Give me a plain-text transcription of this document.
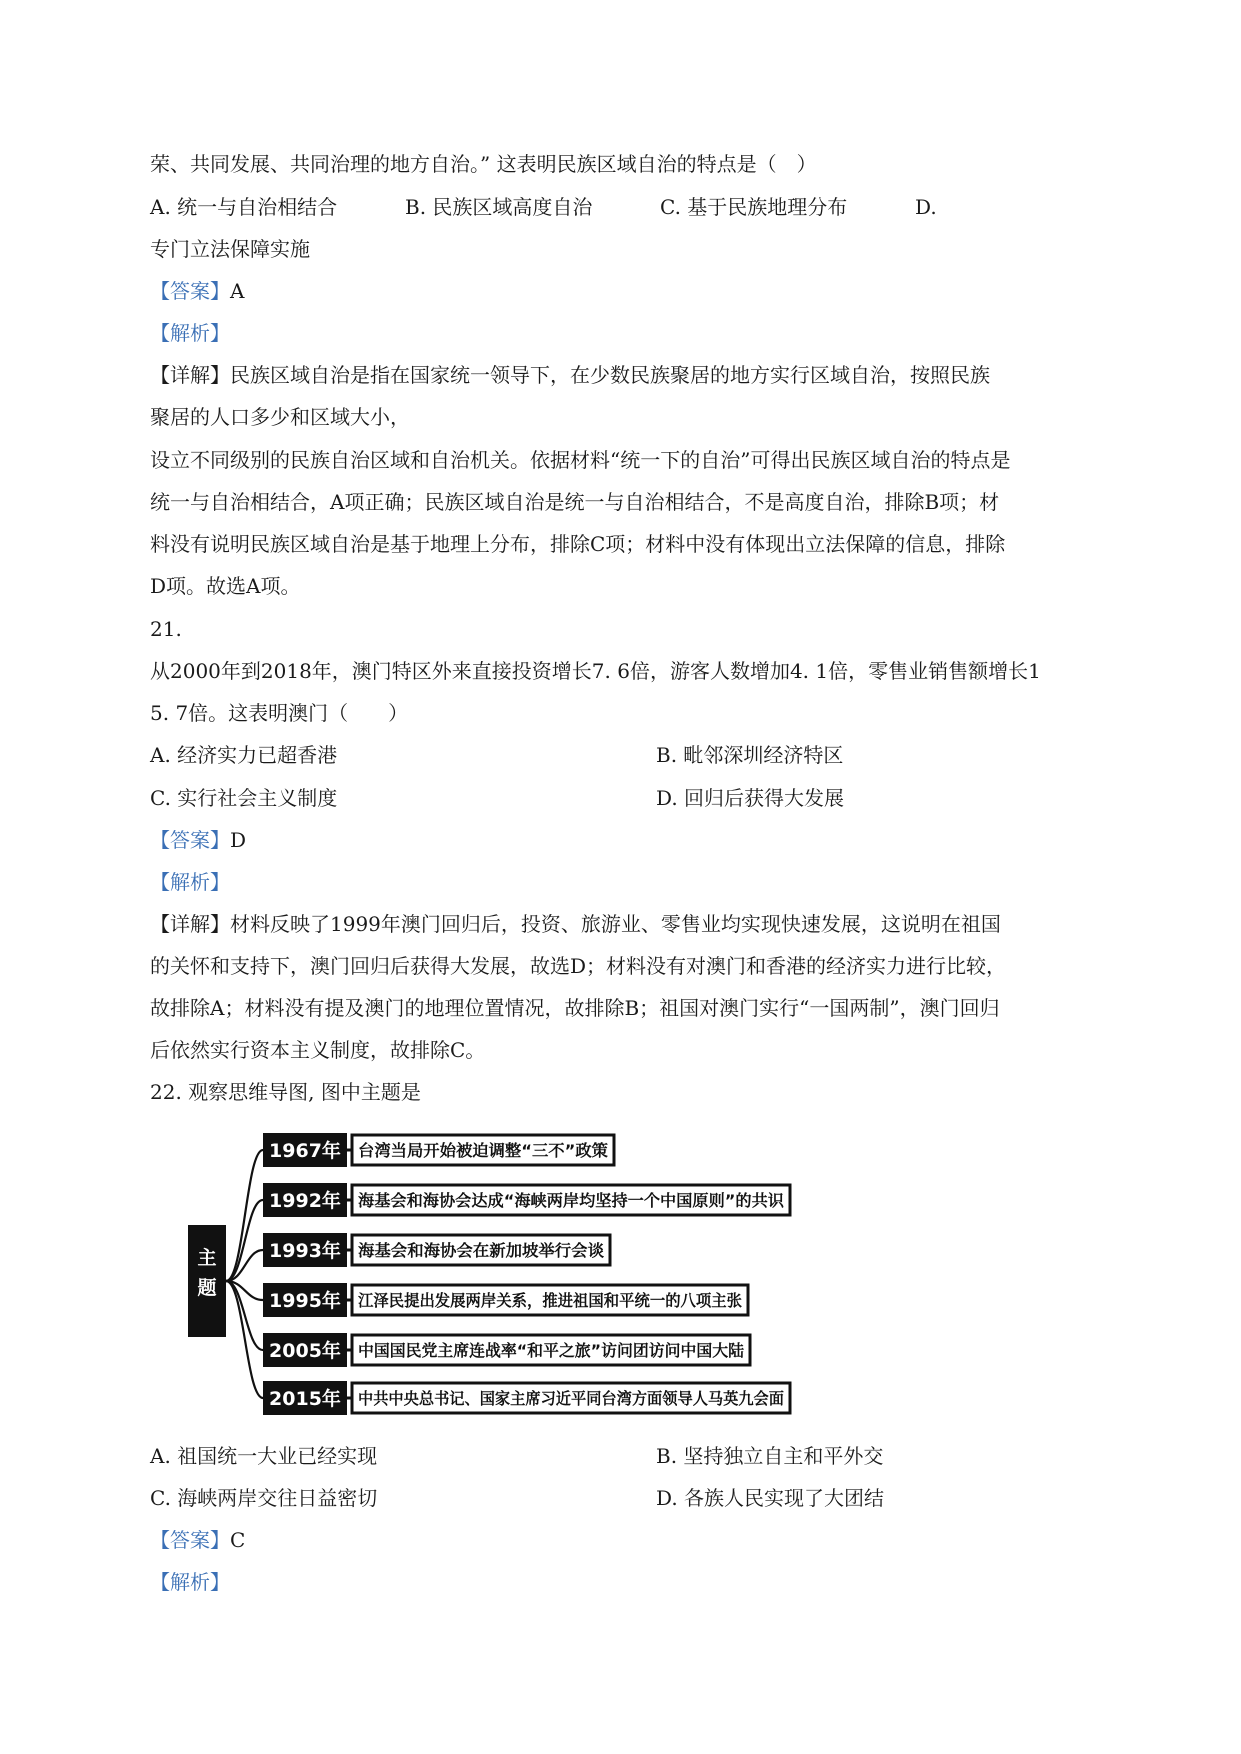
荣、共同发展、共同治理的地方自治。” 这表明民族区域自治的特点是（　）
A. 统一与自治相结合	B. 民族区域高度自治	C. 基于民族地理分布	D.
专门立法保障实施
【答案】A
【解析】
【详解】民族区域自治是指在国家统一领导下，在少数民族聚居的地方实行区域自治，按照民族
聚居的人口多少和区域大小，
设立不同级别的民族自治区域和自治机关。依据材料“统一下的自治”可得出民族区域自治的特点是
统一与自治相结合，A项正确；民族区域自治是统一与自治相结合，不是高度自治，排除B项；材
料没有说明民族区域自治是基于地理上分布，排除C项；材料中没有体现出立法保障的信息，排除
D项。故选A项。
21.
从2000年到2018年，澳门特区外来直接投资增长7. 6倍，游客人数增加4. 1倍，零售业销售额增长1
5. 7倍。这表明澳门（　　）
A. 经济实力已超香港	B. 毗邻深圳经济特区
C. 实行社会主义制度	D. 回归后获得大发展
【答案】D
【解析】
【详解】材料反映了1999年澳门回归后，投资、旅游业、零售业均实现快速发展，这说明在祖国
的关怀和支持下，澳门回归后获得大发展，故选D；材料没有对澳门和香港的经济实力进行比较，
故排除A；材料没有提及澳门的地理位置情况，故排除B；祖国对澳门实行“一国两制”，澳门回归
后依然实行资本主义制度，故排除C。
22. 观察思维导图, 图中主题是
主
题
1967年 台湾当局开始被迫调整“三不”政策
1992年 海基会和海协会达成“海峡两岸均坚持一个中国原则”的共识
1993年 海基会和海协会在新加坡举行会谈
1995年 江泽民提出发展两岸关系，推进祖国和平统一的八项主张
2005年 中国国民党主席连战率“和平之旅”访问团访问中国大陆
2015年 中共中央总书记、国家主席习近平同台湾方面领导人马英九会面
A. 祖国统一大业已经实现	B. 坚持独立自主和平外交
C. 海峡两岸交往日益密切	D. 各族人民实现了大团结
【答案】C
【解析】
